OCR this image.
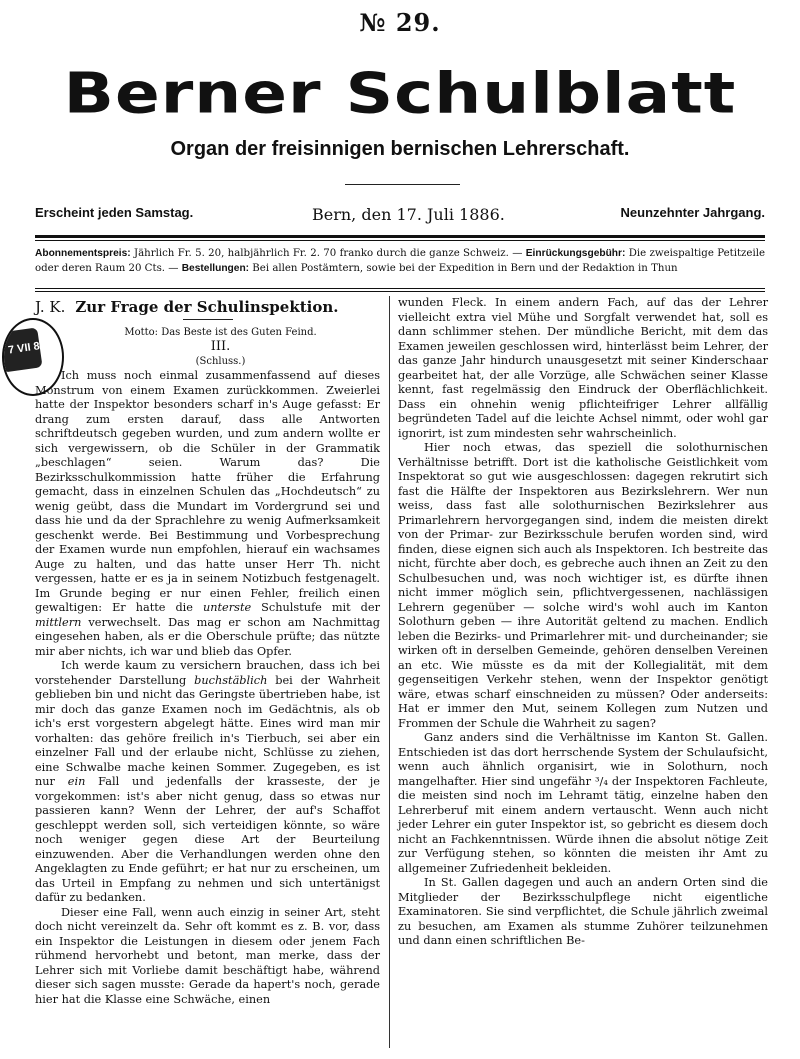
№ 29.
Berner Schulblatt
Organ der freisinnigen bernischen Lehrerschaft.
Erscheint jeden Samstag.	Bern, den 17. Juli 1886.	Neunzehnter Jahrgang.
Abonnementspreis: Jährlich Fr. 5. 20, halbjährlich Fr. 2. 70 franko durch die ganze Schweiz. — Einrückungsgebühr: Die zweispaltige Petitzeile oder deren Raum 20 Cts. — Bestellungen: Bei allen Postämtern, sowie bei der Expedition in Bern und der Redaktion in Thun
7 VII 86
J. K. Zur Frage der Schulinspektion.

Motto: Das Beste ist des Guten Feind.

III.

(Schluss.)

Ich muss noch einmal zusammenfassend auf dieses Monstrum von einem Examen zurückkommen. Zweierlei hatte der Inspektor besonders scharf in's Auge gefasst: Er drang zum ersten darauf, dass alle Antworten schriftdeutsch gegeben wurden, und zum andern wollte er sich vergewissern, ob die Schüler in der Grammatik „beschlagen“ seien. Warum das? Die Bezirksschulkommission hatte früher die Erfahrung gemacht, dass in einzelnen Schulen das „Hochdeutsch“ zu wenig geübt, dass die Mundart im Vordergrund sei und dass hie und da der Sprachlehre zu wenig Aufmerksamkeit geschenkt werde. Bei Bestimmung und Vorbesprechung der Examen wurde nun empfohlen, hierauf ein wachsames Auge zu halten, und das hatte unser Herr Th. nicht vergessen, hatte er es ja in seinem Notizbuch festgenagelt. Im Grunde beging er nur einen Fehler, freilich einen gewaltigen: Er hatte die unterste Schulstufe mit der mittlern verwechselt. Das mag er schon am Nachmittag eingesehen haben, als er die Oberschule prüfte; das nützte mir aber nichts, ich war und blieb das Opfer.

Ich werde kaum zu versichern brauchen, dass ich bei vorstehender Darstellung buchstäblich bei der Wahrheit geblieben bin und nicht das Geringste übertrieben habe, ist mir doch das ganze Examen noch im Gedächtnis, als ob ich's erst vorgestern abgelegt hätte. Eines wird man mir vorhalten: das gehöre freilich in's Tierbuch, sei aber ein einzelner Fall und der erlaube nicht, Schlüsse zu ziehen, eine Schwalbe mache keinen Sommer. Zugegeben, es ist nur ein Fall und jedenfalls der krasseste, der je vorgekommen: ist's aber nicht genug, dass so etwas nur passieren kann? Wenn der Lehrer, der auf's Schaffot geschleppt werden soll, sich verteidigen könnte, so wäre noch weniger gegen diese Art der Beurteilung einzuwenden. Aber die Verhandlungen werden ohne den Angeklagten zu Ende geführt; er hat nur zu erscheinen, um das Urteil in Empfang zu nehmen und sich untertänigst dafür zu bedanken.

Dieser eine Fall, wenn auch einzig in seiner Art, steht doch nicht vereinzelt da. Sehr oft kommt es z. B. vor, dass ein Inspektor die Leistungen in diesem oder jenem Fach rühmend hervorhebt und betont, man merke, dass der Lehrer sich mit Vorliebe damit beschäftigt habe, während dieser sich sagen musste: Gerade da hapert's noch, gerade hier hat die Klasse eine Schwäche, einen

wunden Fleck. In einem andern Fach, auf das der Lehrer vielleicht extra viel Mühe und Sorgfalt verwendet hat, soll es dann schlimmer stehen. Der mündliche Bericht, mit dem das Examen jeweilen geschlossen wird, hinterlässt beim Lehrer, der das ganze Jahr hindurch unausgesetzt mit seiner Kinderschaar gearbeitet hat, der alle Vorzüge, alle Schwächen seiner Klasse kennt, fast regelmässig den Eindruck der Oberflächlichkeit. Dass ein ohnehin wenig pflichteifriger Lehrer allfällig begründeten Tadel auf die leichte Achsel nimmt, oder wohl gar ignorirt, ist zum mindesten sehr wahrscheinlich.

Hier noch etwas, das speziell die solothurnischen Verhältnisse betrifft. Dort ist die katholische Geistlichkeit vom Inspektorat so gut wie ausgeschlossen: dagegen rekrutirt sich fast die Hälfte der Inspektoren aus Bezirkslehrern. Wer nun weiss, dass fast alle solothurnischen Bezirkslehrer aus Primarlehrern hervorgegangen sind, indem die meisten direkt von der Primar- zur Bezirksschule berufen worden sind, wird finden, diese eignen sich auch als Inspektoren. Ich bestreite das nicht, fürchte aber doch, es gebreche auch ihnen an Zeit zu den Schulbesuchen und, was noch wichtiger ist, es dürfte ihnen nicht immer möglich sein, pflichtvergessenen, nachlässigen Lehrern gegenüber — solche wird's wohl auch im Kanton Solothurn geben — ihre Autorität geltend zu machen. Endlich leben die Bezirks- und Primarlehrer mit- und durcheinander; sie wirken oft in derselben Gemeinde, gehören denselben Vereinen an etc. Wie müsste es da mit der Kollegialität, mit dem gegenseitigen Verkehr stehen, wenn der Inspektor genötigt wäre, etwas scharf einschneiden zu müssen? Oder anderseits: Hat er immer den Mut, seinem Kollegen zum Nutzen und Frommen der Schule die Wahrheit zu sagen?

Ganz anders sind die Verhältnisse im Kanton St. Gallen. Entschieden ist das dort herrschende System der Schulaufsicht, wenn auch ähnlich organisirt, wie in Solothurn, noch mangelhafter. Hier sind ungefähr ³/₄ der Inspektoren Fachleute, die meisten sind noch im Lehramt tätig, einzelne haben den Lehrerberuf mit einem andern vertauscht. Wenn auch nicht jeder Lehrer ein guter Inspektor ist, so gebricht es diesem doch nicht an Fachkenntnissen. Würde ihnen die absolut nötige Zeit zur Verfügung stehen, so könnten die meisten ihr Amt zu allgemeiner Zufriedenheit bekleiden.

In St. Gallen dagegen und auch an andern Orten sind die Mitglieder der Bezirksschulpflege nicht eigentliche Examinatoren. Sie sind verpflichtet, die Schule jährlich zweimal zu besuchen, am Examen als stumme Zuhörer teilzunehmen und dann einen schriftlichen Be-
